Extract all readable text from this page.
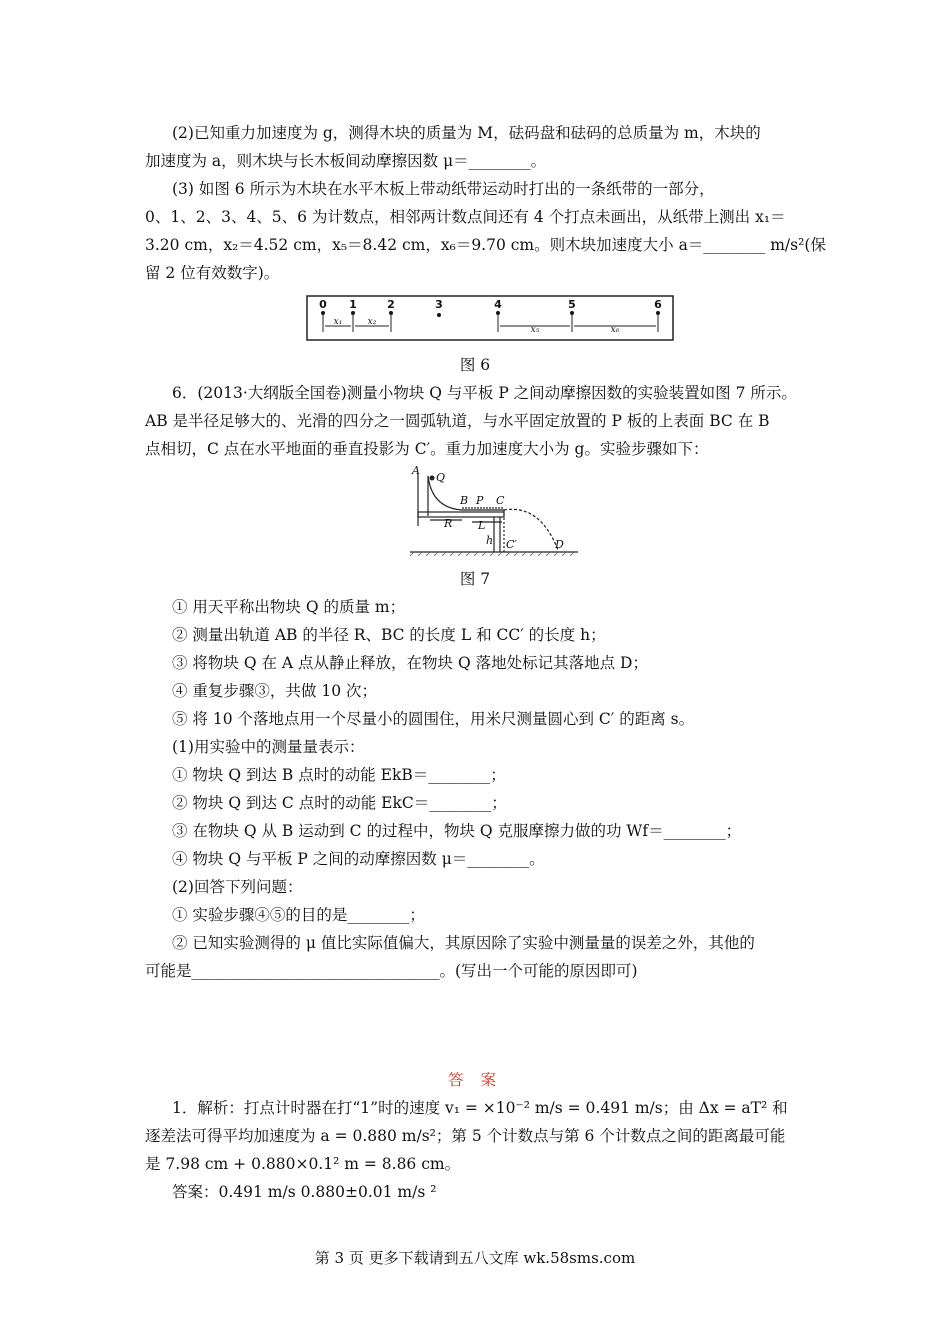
(2)已知重力加速度为 g，测得木块的质量为 M，砝码盘和砝码的总质量为 m，木块的
加速度为 a，则木块与长木板间动摩擦因数 μ＝________。
(3) 如图 6 所示为木块在水平木板上带动纸带运动时打出的一条纸带的一部分，
0、1、2、3、4、5、6 为计数点，相邻两计数点间还有 4 个打点未画出，从纸带上测出 x₁＝
3.20 cm，x₂＝4.52 cm，x₅＝8.42 cm，x₆＝9.70 cm。则木块加速度大小 a＝________ m/s²(保
留 2 位有效数字)。
0 1	2	3	4	5	6
x₁	x₂
x₅	x₆
图 6
6．(2013·大纲版全国卷)测量小物块 Q 与平板 P 之间动摩擦因数的实验装置如图 7 所示。
AB 是半径足够大的、光滑的四分之一圆弧轨道，与水平固定放置的 P 板的上表面 BC 在 B
点相切，C 点在水平地面的垂直投影为 C′。重力加速度大小为 g。实验步骤如下：
A
Q
B P C
R L
h C′	D
图 7
① 用天平称出物块 Q 的质量 m；
② 测量出轨道 AB 的半径 R、BC 的长度 L 和 CC′ 的长度 h；
③ 将物块 Q 在 A 点从静止释放，在物块 Q 落地处标记其落地点 D；
④ 重复步骤③，共做 10 次；
⑤ 将 10 个落地点用一个尽量小的圆围住，用米尺测量圆心到 C′ 的距离 s。
(1)用实验中的测量量表示：
① 物块 Q 到达 B 点时的动能 EkB＝________；
② 物块 Q 到达 C 点时的动能 EkC＝________；
③ 在物块 Q 从 B 运动到 C 的过程中，物块 Q 克服摩擦力做的功 Wf＝________；
④ 物块 Q 与平板 P 之间的动摩擦因数 μ＝________。
(2)回答下列问题：
① 实验步骤④⑤的目的是________；
② 已知实验测得的 μ 值比实际值偏大，其原因除了实验中测量量的误差之外，其他的
可能是________________________________。(写出一个可能的原因即可)
答 案
1．解析：打点计时器在打“1”时的速度 v₁ = ×10⁻² m/s = 0.491 m/s；由 Δx = aT² 和
逐差法可得平均加速度为 a = 0.880 m/s²；第 5 个计数点与第 6 个计数点之间的距离最可能
是 7.98 cm + 0.880×0.1² m = 8.86 cm。
答案：0.491 m/s 0.880±0.01 m/s ²
第 3 页 更多下载请到五八文库 wk.58sms.com
